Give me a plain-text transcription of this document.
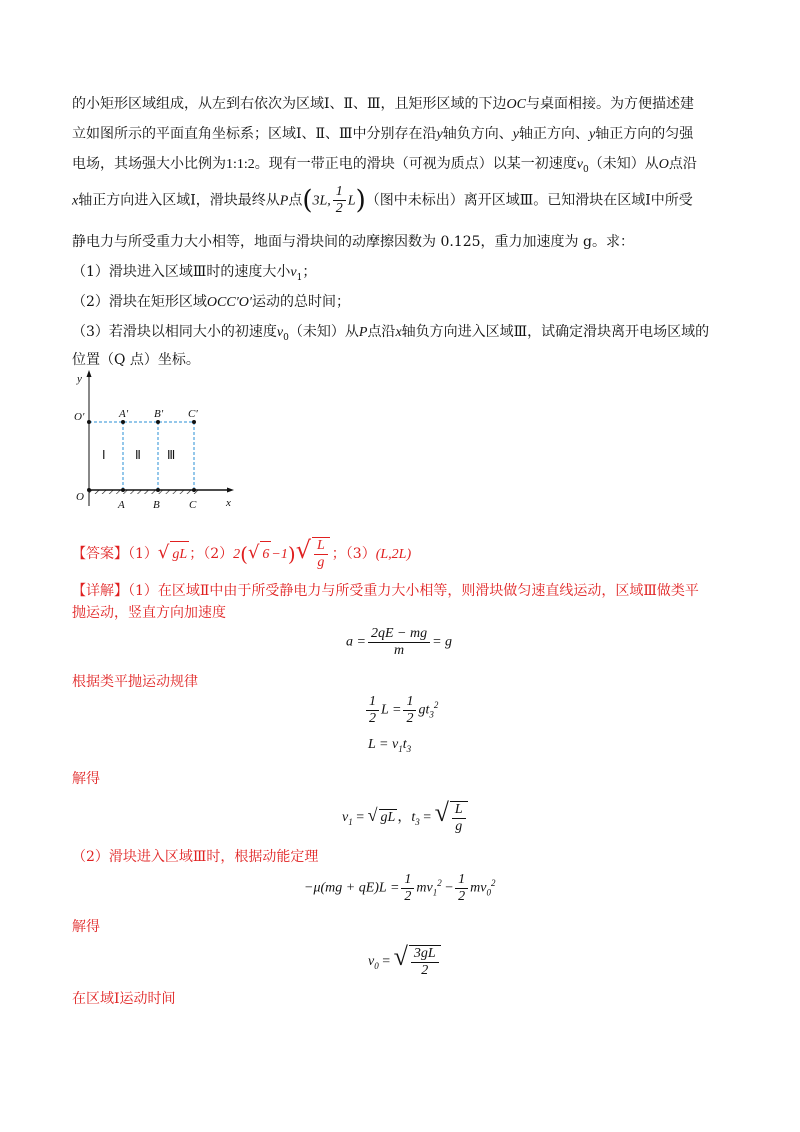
的小矩形区域组成，从左到右依次为区域Ⅰ、Ⅱ、Ⅲ，且矩形区域的下边OC与桌面相接。为方便描述建
立如图所示的平面直角坐标系；区域Ⅰ、Ⅱ、Ⅲ中分别存在沿y轴负方向、y轴正方向、y轴正方向的匀强
电场，其场强大小比例为1:1:2。现有一带正电的滑块（可视为质点）以某一初速度$v_0$（未知）从O点沿
x轴正方向进入区域Ⅰ，滑块最终从P点(3L, $\frac{1}{2} L$)（图中未标出）离开区域Ⅲ。已知滑块在区域Ⅰ中所受
静电力与所受重力大小相等，地面与滑块间的动摩擦因数为 0.125，重力加速度为 g。求：
（1）滑块进入区域Ⅲ时的速度大小$v_1$；
（2）滑块在矩形区域OCC′O′运动的总时间；
（3）若滑块以相同大小的初速度$v_0$（未知）从P点沿x轴负方向进入区域Ⅲ，试确定滑块离开电场区域的
位置（Q 点）坐标。
y
x
O
O′	A′ B′ C′
A	B	C
Ⅰ Ⅱ Ⅲ
【答案】（1）√ gL ；（2）2(√ $6 -1)√ \frac{L}{g}$ ；（3）(L,2L)
【详解】（1）在区域Ⅱ中由于所受静电力与所受重力大小相等，则滑块做匀速直线运动，区域Ⅲ做类平
抛运动，竖直方向加速度
$a = \frac{2qE - mg}{m} = g$
根据类平抛运动规律
$\frac{1}{2}$ $L = \frac{1}{2} gt_3^2$
$L = v_1t_3$
解得
$v_1$ = √ gL ，$t_3$ = √ $\frac{L}{g}$
（2）滑块进入区域Ⅲ时，根据动能定理
$-\mu(mg + qE)L = \frac{1}{2} mv_1^2 - \frac{1}{2} mv_0^2$
解得
$v_0$ = √ $\frac{3gL}{2}$
在区域Ⅰ运动时间
